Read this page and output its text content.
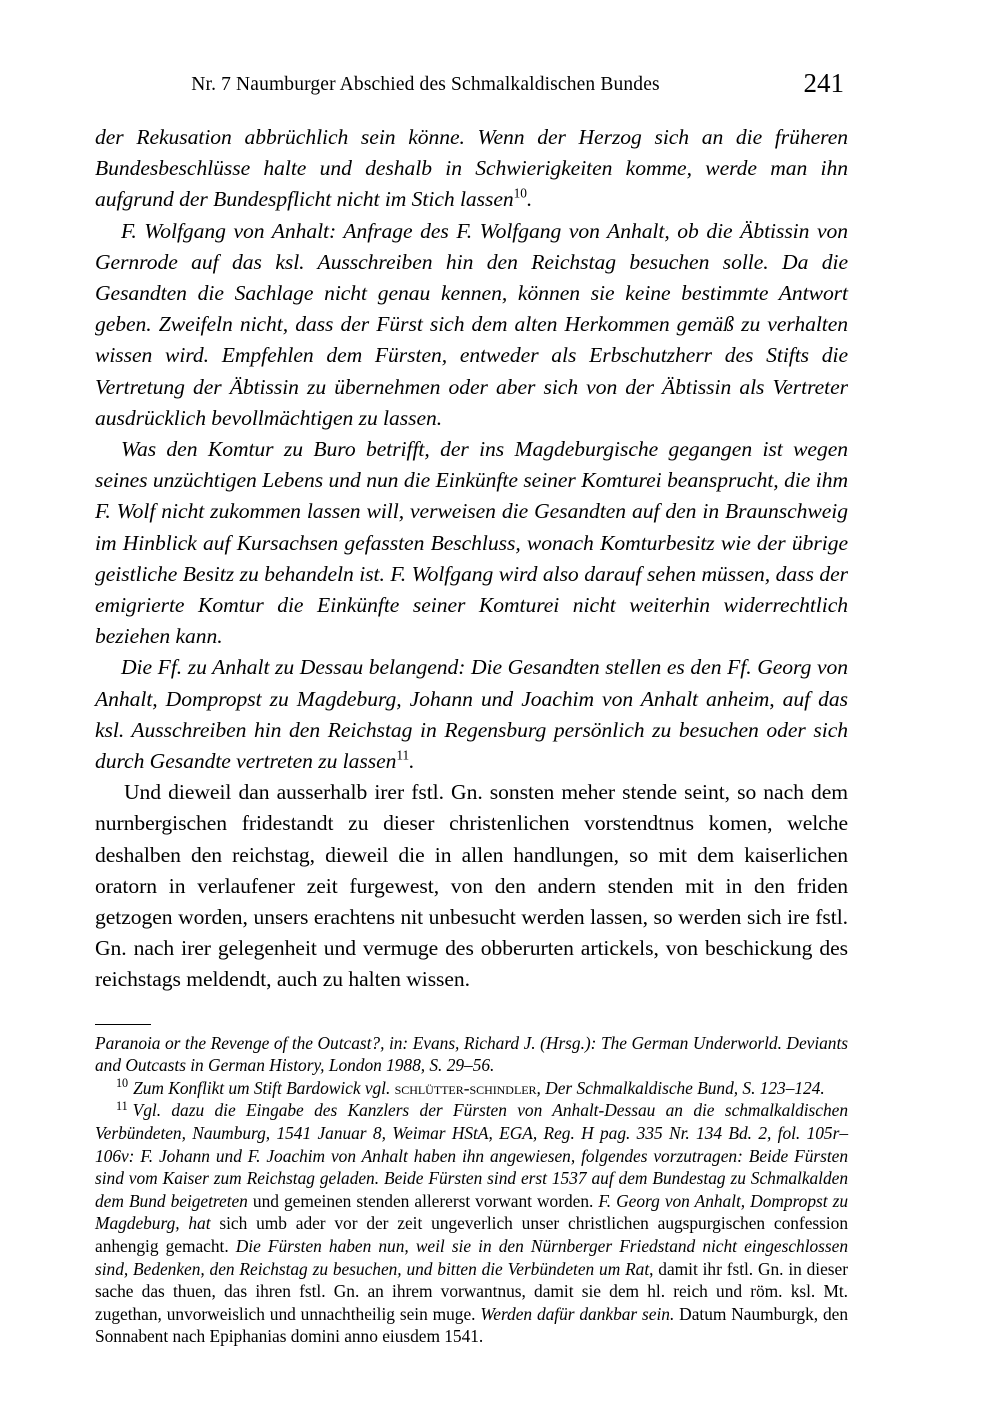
Nr. 7 Naumburger Abschied des Schmalkaldischen Bundes	241

der Rekusation abbrüchlich sein könne. Wenn der Herzog sich an die früheren Bundesbeschlüsse halte und deshalb in Schwierigkeiten komme, werde man ihn aufgrund der Bundespflicht nicht im Stich lassen$^{10}$.

F. Wolfgang von Anhalt: Anfrage des F. Wolfgang von Anhalt, ob die Äbtissin von Gernrode auf das ksl. Ausschreiben hin den Reichstag besuchen solle. Da die Gesandten die Sachlage nicht genau kennen, können sie keine bestimmte Antwort geben. Zweifeln nicht, dass der Fürst sich dem alten Herkommen gemäß zu verhalten wissen wird. Empfehlen dem Fürsten, entweder als Erbschutzherr des Stifts die Vertretung der Äbtissin zu übernehmen oder aber sich von der Äbtissin als Vertreter ausdrücklich bevollmächtigen zu lassen.

Was den Komtur zu Buro betrifft, der ins Magdeburgische gegangen ist wegen seines unzüchtigen Lebens und nun die Einkünfte seiner Komturei beansprucht, die ihm F. Wolf nicht zukommen lassen will, verweisen die Gesandten auf den in Braunschweig im Hinblick auf Kursachsen gefassten Beschluss, wonach Komturbesitz wie der übrige geistliche Besitz zu behandeln ist. F. Wolfgang wird also darauf sehen müssen, dass der emigrierte Komtur die Einkünfte seiner Komturei nicht weiterhin widerrechtlich beziehen kann.

Die Ff. zu Anhalt zu Dessau belangend: Die Gesandten stellen es den Ff. Georg von Anhalt, Dompropst zu Magdeburg, Johann und Joachim von Anhalt anheim, auf das ksl. Ausschreiben hin den Reichstag in Regensburg persönlich zu besuchen oder sich durch Gesandte vertreten zu lassen$^{11}$.

Und dieweil dan ausserhalb irer fstl. Gn. sonsten meher stende seint, so nach dem nurnbergischen fridestandt zu dieser christenlichen vorstendtnus komen, welche deshalben den reichstag, dieweil die in allen handlungen, so mit dem kaiserlichen oratorn in verlaufener zeit furgewest, von den andern stenden mit in den friden getzogen worden, unsers erachtens nit unbesucht werden lassen, so werden sich ire fstl. Gn. nach irer gelegenheit und vermuge des obberurten artickels, von beschickung des reichstags meldendt, auch zu halten wissen.

Paranoia or the Revenge of the Outcast?, in: Evans, Richard J. (Hrsg.): The German Underworld. Deviants and Outcasts in German History, London 1988, S. 29–56.

$^{10}$ Zum Konflikt um Stift Bardowick vgl. schlütter-schindler, Der Schmalkaldische Bund, S. 123–124.

$^{11}$ Vgl. dazu die Eingabe des Kanzlers der Fürsten von Anhalt-Dessau an die schmalkaldischen Verbündeten, Naumburg, 1541 Januar 8, Weimar HStA, EGA, Reg. H pag. 335 Nr. 134 Bd. 2, fol. 105r–106v: F. Johann und F. Joachim von Anhalt haben ihn angewiesen, folgendes vorzutragen: Beide Fürsten sind vom Kaiser zum Reichstag geladen. Beide Fürsten sind erst 1537 auf dem Bundestag zu Schmalkalden dem Bund beigetreten und gemeinen stenden allererst vorwant worden. F. Georg von Anhalt, Dompropst zu Magdeburg, hat sich umb ader vor der zeit ungeverlich unser christlichen augspurgischen confession anhengig gemacht. Die Fürsten haben nun, weil sie in den Nürnberger Friedstand nicht eingeschlossen sind, Bedenken, den Reichstag zu besuchen, und bitten die Verbündeten um Rat, damit ihr fstl. Gn. in dieser sache das thuen, das ihren fstl. Gn. an ihrem vorwantnus, damit sie dem hl. reich und röm. ksl. Mt. zugethan, unvorweislich und unnachtheilig sein muge. Werden dafür dankbar sein. Datum Naumburgk, den Sonnabent nach Epiphanias domini anno eiusdem 1541.
